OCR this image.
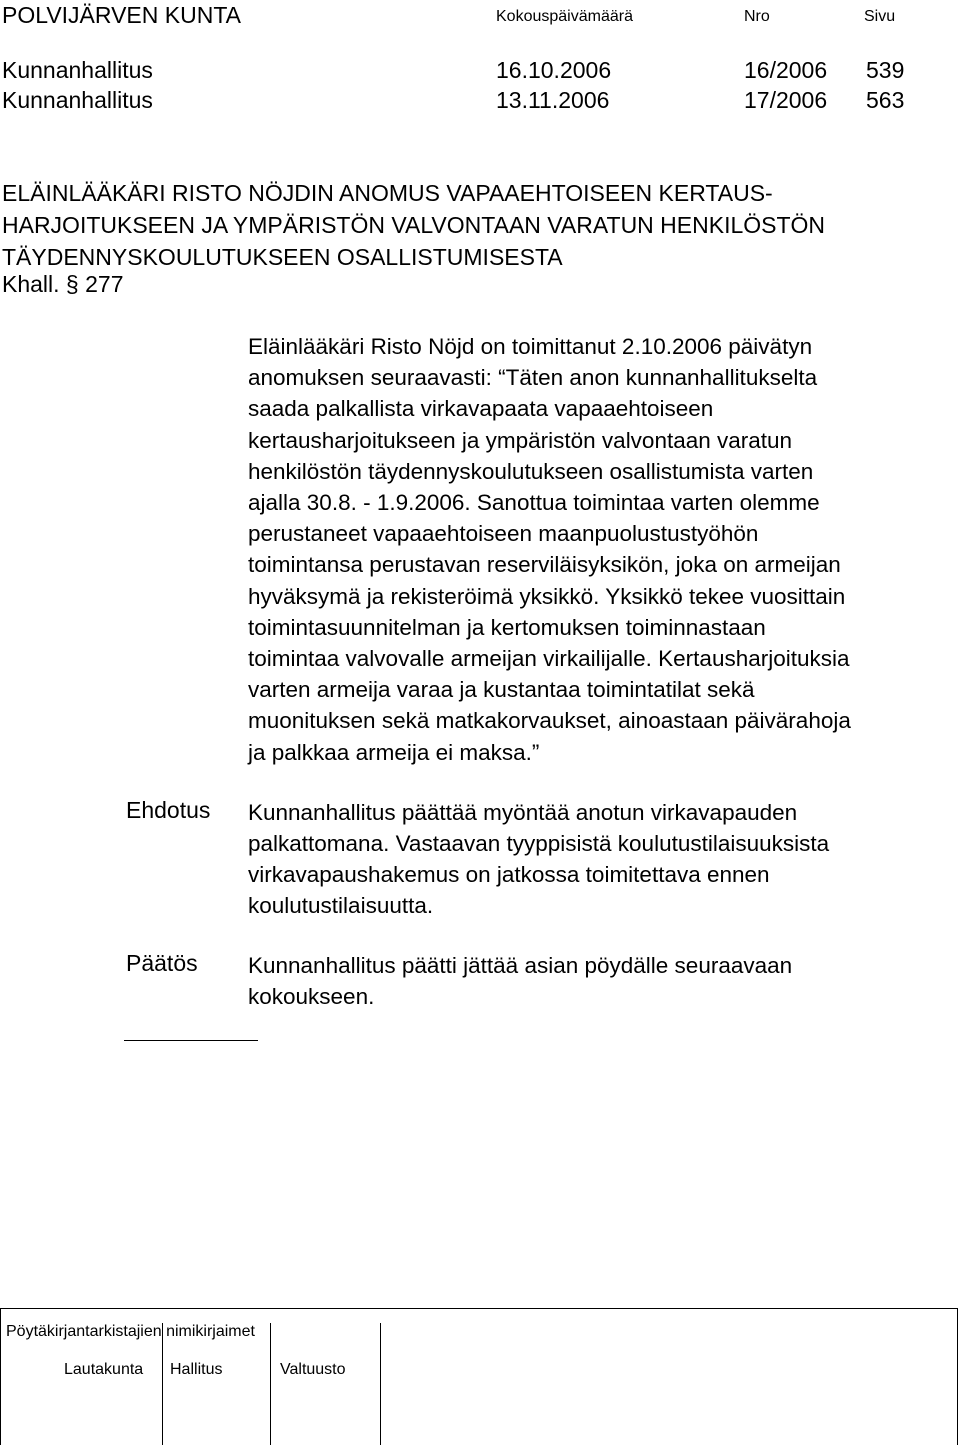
POLVIJÄRVEN KUNTA	Kokouspäivämäärä	Nro	Sivu
Kunnanhallitus	16.10.2006	16/2006 539
Kunnanhallitus	13.11.2006	17/2006 563
ELÄINLÄÄKÄRI RISTO NÖJDIN ANOMUS VAPAAEHTOISEEN KERTAUS-
HARJOITUKSEEN JA YMPÄRISTÖN VALVONTAAN VARATUN HENKILÖSTÖN
TÄYDENNYSKOULUTUKSEEN OSALLISTUMISESTA
Khall. § 277
Eläinlääkäri Risto Nöjd on toimittanut 2.10.2006 päivätyn
anomuksen seuraavasti: “Täten anon kunnanhallitukselta
saada palkallista virkavapaata vapaaehtoiseen
kertausharjoitukseen ja ympäristön valvontaan varatun
henkilöstön täydennyskoulutukseen osallistumista varten
ajalla 30.8. - 1.9.2006. Sanottua toimintaa varten olemme
perustaneet vapaaehtoiseen maanpuolustustyöhön
toimintansa perustavan reserviläisyksikön, joka on armeijan
hyväksymä ja rekisteröimä yksikkö. Yksikkö tekee vuosittain
toimintasuunnitelman ja kertomuksen toiminnastaan
toimintaa valvovalle armeijan virkailijalle. Kertausharjoituksia
varten armeija varaa ja kustantaa toimintatilat sekä
muonituksen sekä matkakorvaukset, ainoastaan päivärahoja
ja palkkaa armeija ei maksa.”
Ehdotus Kunnanhallitus päättää myöntää anotun virkavapauden
palkattomana. Vastaavan tyyppisistä koulutustilaisuuksista
virkavapaushakemus on jatkossa toimitettava ennen
koulutustilaisuutta.
Päätös Kunnanhallitus päätti jättää asian pöydälle seuraavaan
kokoukseen.
Pöytäkirjantarkistajien nimikirjaimet
Lautakunta	Hallitus	Valtuusto
